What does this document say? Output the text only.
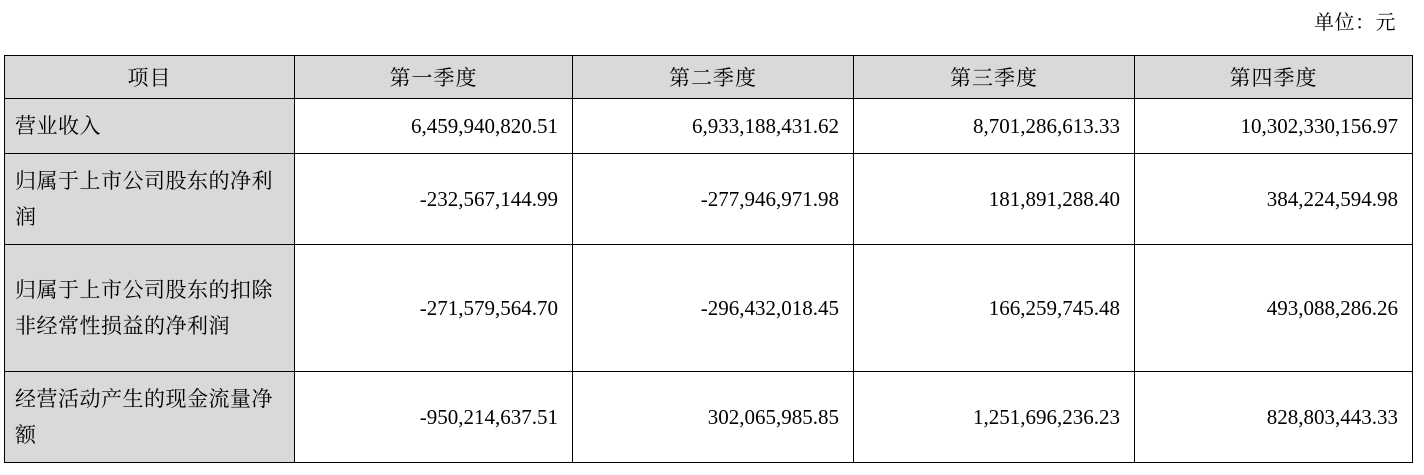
单位：元
项目	第一季度	第二季度	第三季度	第四季度
营业收入	6,459,940,820.51	6,933,188,431.62	8,701,286,613.33	10,302,330,156.97
归属于上市公司股东的净利润	-232,567,144.99	-277,946,971.98	181,891,288.40	384,224,594.98
归属于上市公司股东的扣除非经常性损益的净利润	-271,579,564.70	-296,432,018.45	166,259,745.48	493,088,286.26
经营活动产生的现金流量净额	-950,214,637.51	302,065,985.85	1,251,696,236.23	828,803,443.33
